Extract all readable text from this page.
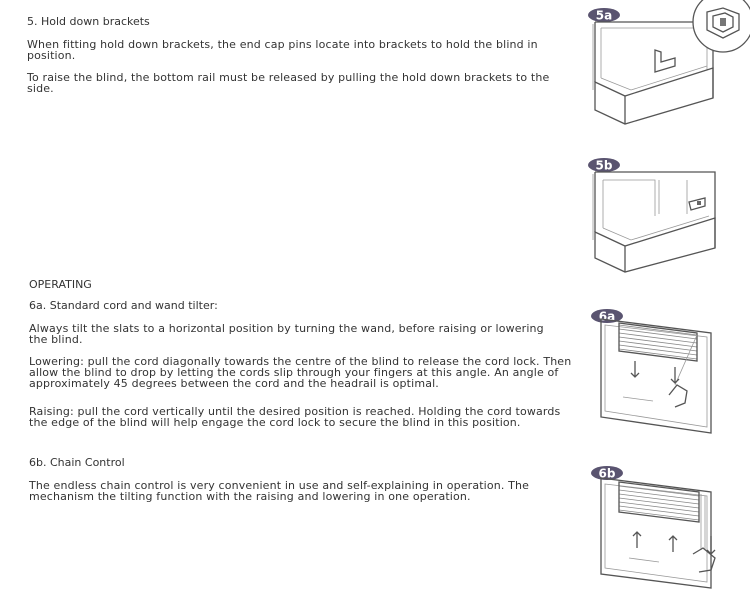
5. Hold down brackets

When fitting hold down brackets, the end cap pins locate into brackets to hold the blind in position.

To raise the blind, the bottom rail must be released by pulling the hold down brackets to the side.

OPERATING

6a. Standard cord and wand tilter:

Always tilt the slats to a horizontal position by turning the wand, before raising or lowering the blind.

Lowering: pull the cord diagonally towards the centre of the blind to release the cord lock. Then allow the blind to drop by letting the cords slip through your fingers at this angle. An angle of approximately 45 degrees between the cord and the headrail is optimal.

Raising: pull the cord vertically until the desired position is reached. Holding the cord towards the edge of the blind will help engage the cord lock to secure the blind in this position.

6b. Chain Control

The endless chain control is very convenient in use and self-explaining in operation. The mechanism the tilting function with the raising and lowering in one operation.

5a
5b
6a
6b
